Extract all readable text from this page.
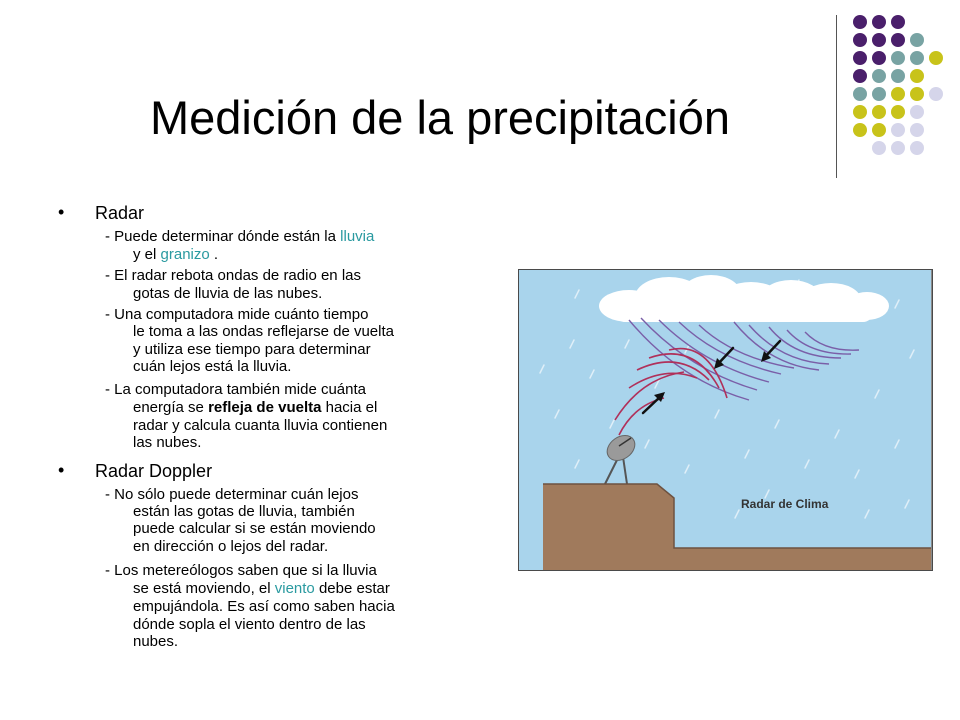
Medición de la precipitación
• Radar
- Puede determinar dónde están la lluvia
y el granizo .
- El radar rebota ondas de radio en las
gotas de lluvia de las nubes.
- Una computadora mide cuánto tiempo
le toma a las ondas reflejarse de vuelta
y utiliza ese tiempo para determinar
cuán lejos está la lluvia.
- La computadora también mide cuánta
energía se refleja de vuelta hacia el
radar y calcula cuanta lluvia contienen
las nubes.
• Radar Doppler
- No sólo puede determinar cuán lejos
están las gotas de lluvia, también
puede calcular si se están moviendo
en dirección o lejos del radar.
- Los metereólogos saben que si la lluvia
se está moviendo, el viento debe estar
empujándola. Es así como saben hacia
dónde sopla el viento dentro de las
nubes.
Radar de Clima
